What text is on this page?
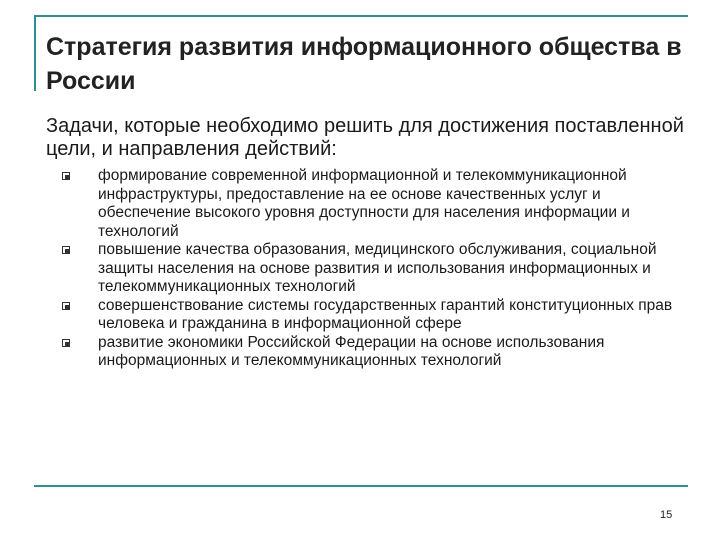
Стратегия развития информационного общества в России

Задачи, которые необходимо решить для достижения поставленной цели, и направления действий:

формирование современной информационной и телекоммуникационной инфраструктуры, предоставление на ее основе качественных услуг и обеспечение высокого уровня доступности для населения информации и технологий
повышение качества образования, медицинского обслуживания, социальной защиты населения на основе развития и использования информационных и телекоммуникационных технологий
совершенствование системы государственных гарантий конституционных прав человека и гражданина в информационной сфере
развитие экономики Российской Федерации на основе использования информационных и телекоммуникационных технологий
15
